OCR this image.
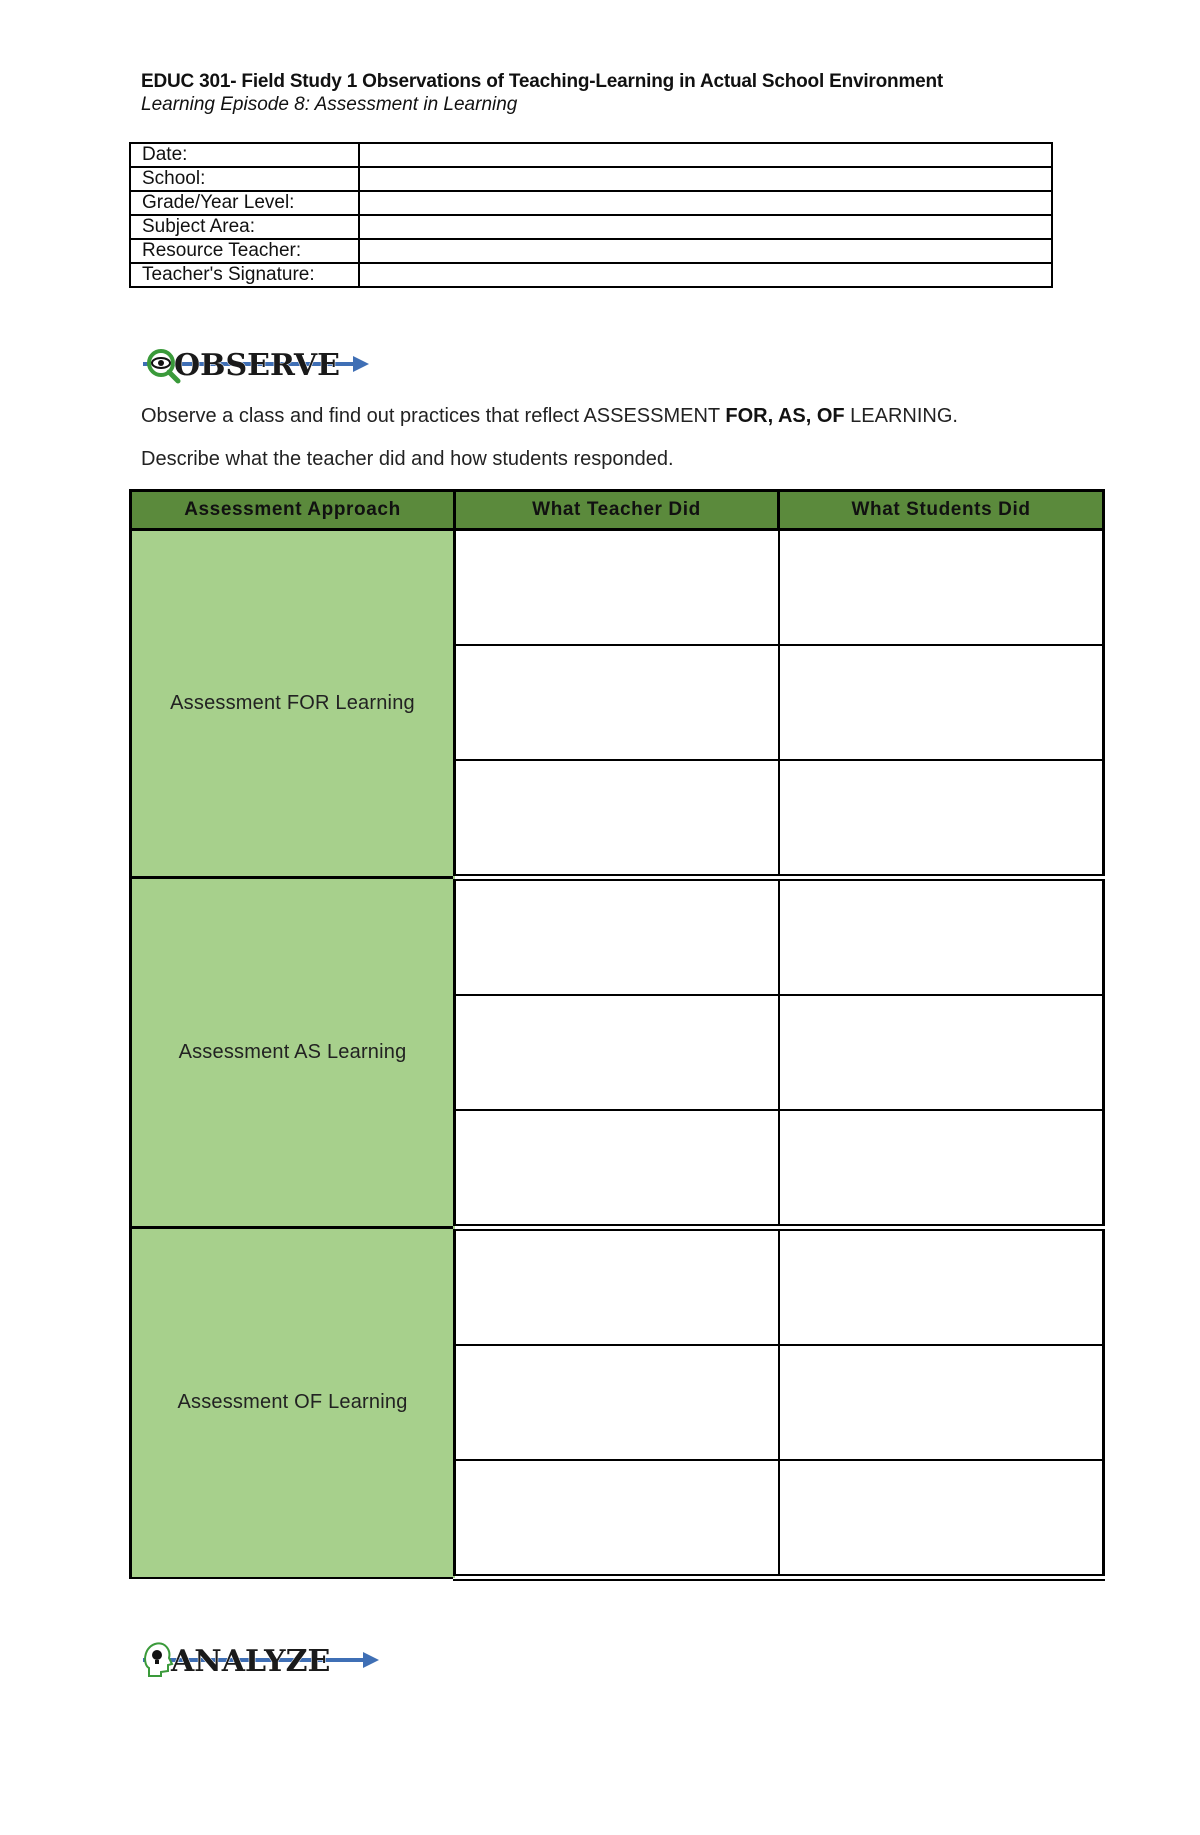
EDUC 301- Field Study 1 Observations of Teaching-Learning in Actual School Environment
Learning Episode 8: Assessment in Learning
Date:	
School:	
Grade/Year Level:	
Subject Area:	
Resource Teacher:	
Teacher's Signature:	
OBSERVE
Observe a class and find out practices that reflect ASSESSMENT FOR, AS, OF LEARNING.
Describe what the teacher did and how students responded.
Assessment Approach	What Teacher Did	What Students Did
Assessment FOR Learning		

Assessment AS Learning		

Assessment OF Learning		

ANALYZE
